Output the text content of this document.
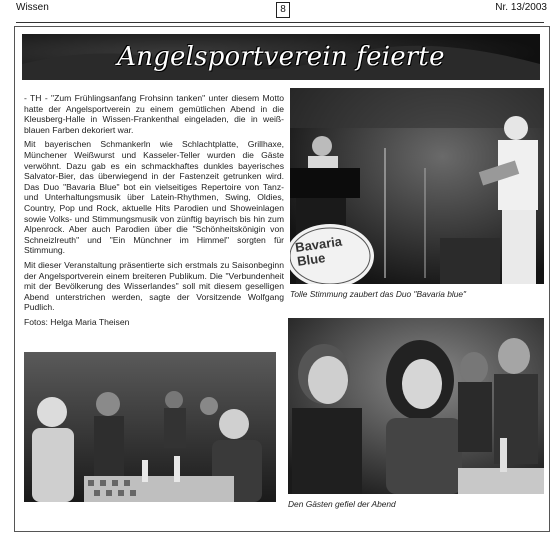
Wissen	8	Nr. 13/2003
Angelsportverein feierte

- TH - "Zum Frühlingsanfang Frohsinn tanken" unter diesem Motto hatte der Angelsportverein zu einem gemütlichen Abend in die Kleusberg-Halle in Wissen-Frankenthal eingeladen, die in weiß-blauen Farben dekoriert war.

Mit bayerischen Schmankerln wie Schlachtplatte, Grillhaxe, Münchener Weißwurst und Kasseler-Teller wurden die Gäste verwöhnt. Dazu gab es ein schmackhaftes dunkles bayerisches Salvator-Bier, das überwiegend in der Fastenzeit getrunken wird. Das Duo "Bavaria Blue" bot ein vielseitiges Repertoire von Tanz- und Unterhaltungsmusik über Latein-Rhythmen, Swing, Oldies, Country, Pop und Rock, aktuelle Hits Parodien und Showeinlagen sowie Volks- und Stimmungsmusik von zünftig bayrisch bis hin zum Alpenrock. Aber auch Parodien über die "Schönheitskönigin von Schneizlreuth" und "Ein Münchner im Himmel" sorgten für Stimmung.

Mit dieser Veranstaltung präsentierte sich erstmals zu Saisonbeginn der Angelsportverein einem breiteren Publikum. Die "Verbundenheit mit der Bevölkerung des Wisserlandes" soll mit diesem geselligen Abend unterstrichen werden, sagte der Vorsitzende Wolfgang Pudlich.

Fotos: Helga Maria Theisen
Bavaria Blue
Tolle Stimmung zaubert das Duo "Bavaria blue"
Den Gästen gefiel der Abend
